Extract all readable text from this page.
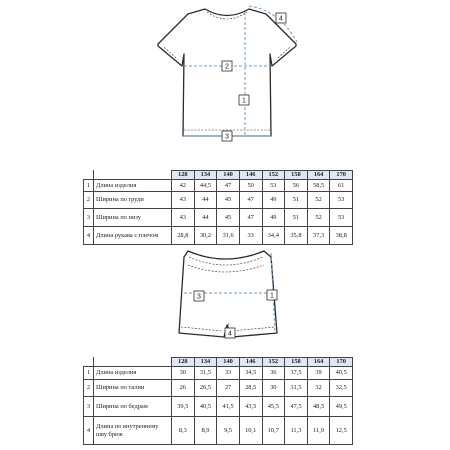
1
2
3
4
		128	134	140	146	152	158	164	170
1	Длина изделия	42	44,5	47	50	53	56	58,5	61
2	Ширина по груди	43	44	45	47	49	51	52	53
3	Ширина по низу	43	44	45	47	49	51	52	53
4	Длина рукава с плечом	28,8	30,2	31,6	33	34,4	35,8	37,3	38,8
3	1
4
		128	134	140	146	152	158	164	170
1	Длина изделия	30	31,5	33	34,5	36	37,5	39	40,5
2	Ширина по талии	26	26,5	27	28,5	30	31,5	32	32,5
3	Ширина по бедрам	39,5	40,5	41,5	43,5	45,5	47,5	48,5	49,5
4	Длина по внутреннему шву брюк	8,3	8,9	9,5	10,1	10,7	11,3	11,9	12,5
